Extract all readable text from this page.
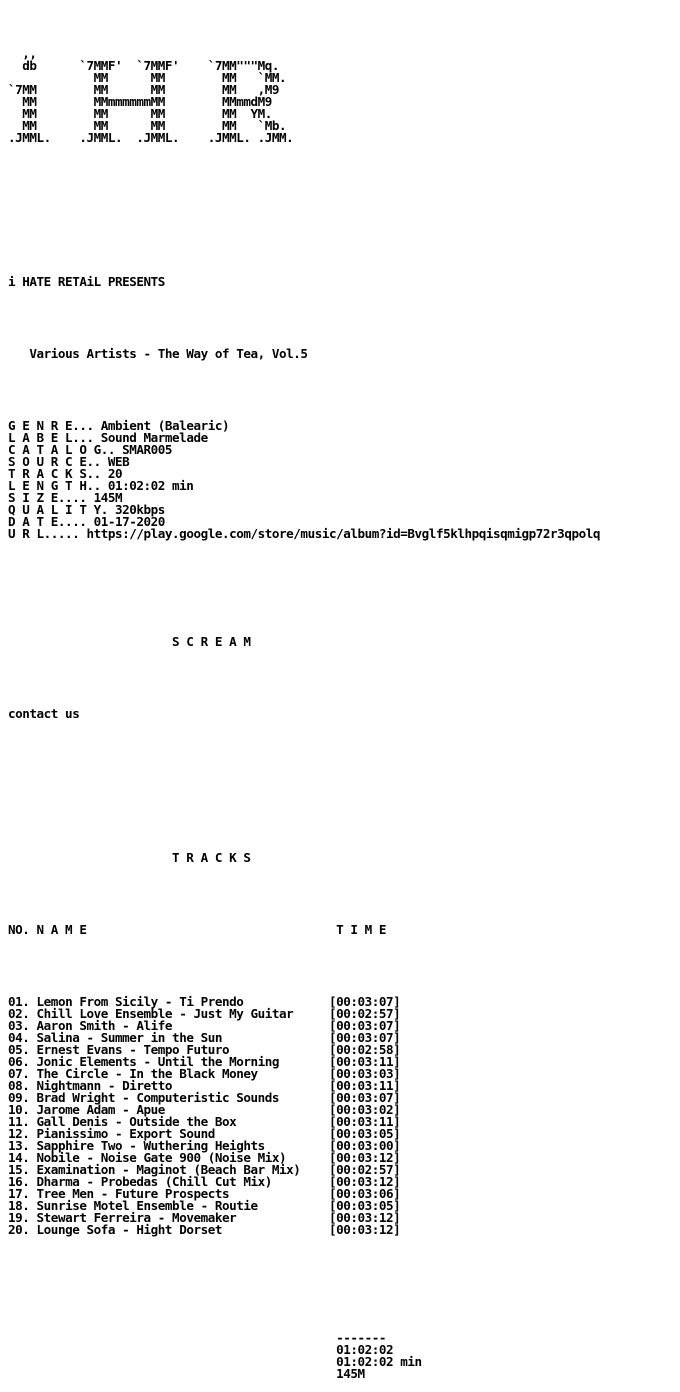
,,
db      `7MMF'  `7MMF'    `7MM"""Mq.
MM      MM        MM   `MM.
`7MM        MM      MM        MM   ,M9
MM        MMmmmmmmMM        MMmmdM9
MM        MM      MM        MM  YM.
MM        MM      MM        MM   `Mb.
.JMML.    .JMML.  .JMML.    .JMML. .JMM.

i HATE RETAiL PRESENTS

Various Artists - The Way of Tea, Vol.5

G E N R E... Ambient (Balearic)
L A B E L... Sound Marmelade
C A T A L O G.. SMAR005
S O U R C E.. WEB
T R A C K S.. 20
L E N G T H.. 01:02:02 min
S I Z E.... 145M
Q U A L I T Y. 320kbps
D A T E.... 01-17-2020
U R L..... https://play.google.com/store/music/album?id=Bvglf5klhpqisqmigp72r3qpolq

S C R E A M

contact us

T R A C K S

NO. N A M E	T I M E

01. Lemon From Sicily - Ti Prendo	[00:03:07]
02. Chill Love Ensemble - Just My Guitar	[00:02:57]
03. Aaron Smith - Alife	[00:03:07]
04. Salina - Summer in the Sun	[00:03:07]
05. Ernest Evans - Tempo Futuro	[00:02:58]
06. Jonic Elements - Until the Morning	[00:03:11]
07. The Circle - In the Black Money	[00:03:03]
08. Nightmann - Diretto	[00:03:11]
09. Brad Wright - Computeristic Sounds	[00:03:07]
10. Jarome Adam - Apue	[00:03:02]
11. Gall Denis - Outside the Box	[00:03:11]
12. Pianissimo - Export Sound	[00:03:05]
13. Sapphire Two - Wuthering Heights	[00:03:00]
14. Nobile - Noise Gate 900 (Noise Mix)	[00:03:12]
15. Examination - Maginot (Beach Bar Mix) [00:02:57]
16. Dharma - Probedas (Chill Cut Mix)	[00:03:12]
17. Tree Men - Future Prospects	[00:03:06]
18. Sunrise Motel Ensemble - Routie	[00:03:05]
19. Stewart Ferreira - Movemaker	[00:03:12]
20. Lounge Sofa - Hight Dorset	[00:03:12]

-------
01:02:02
01:02:02 min
145M
